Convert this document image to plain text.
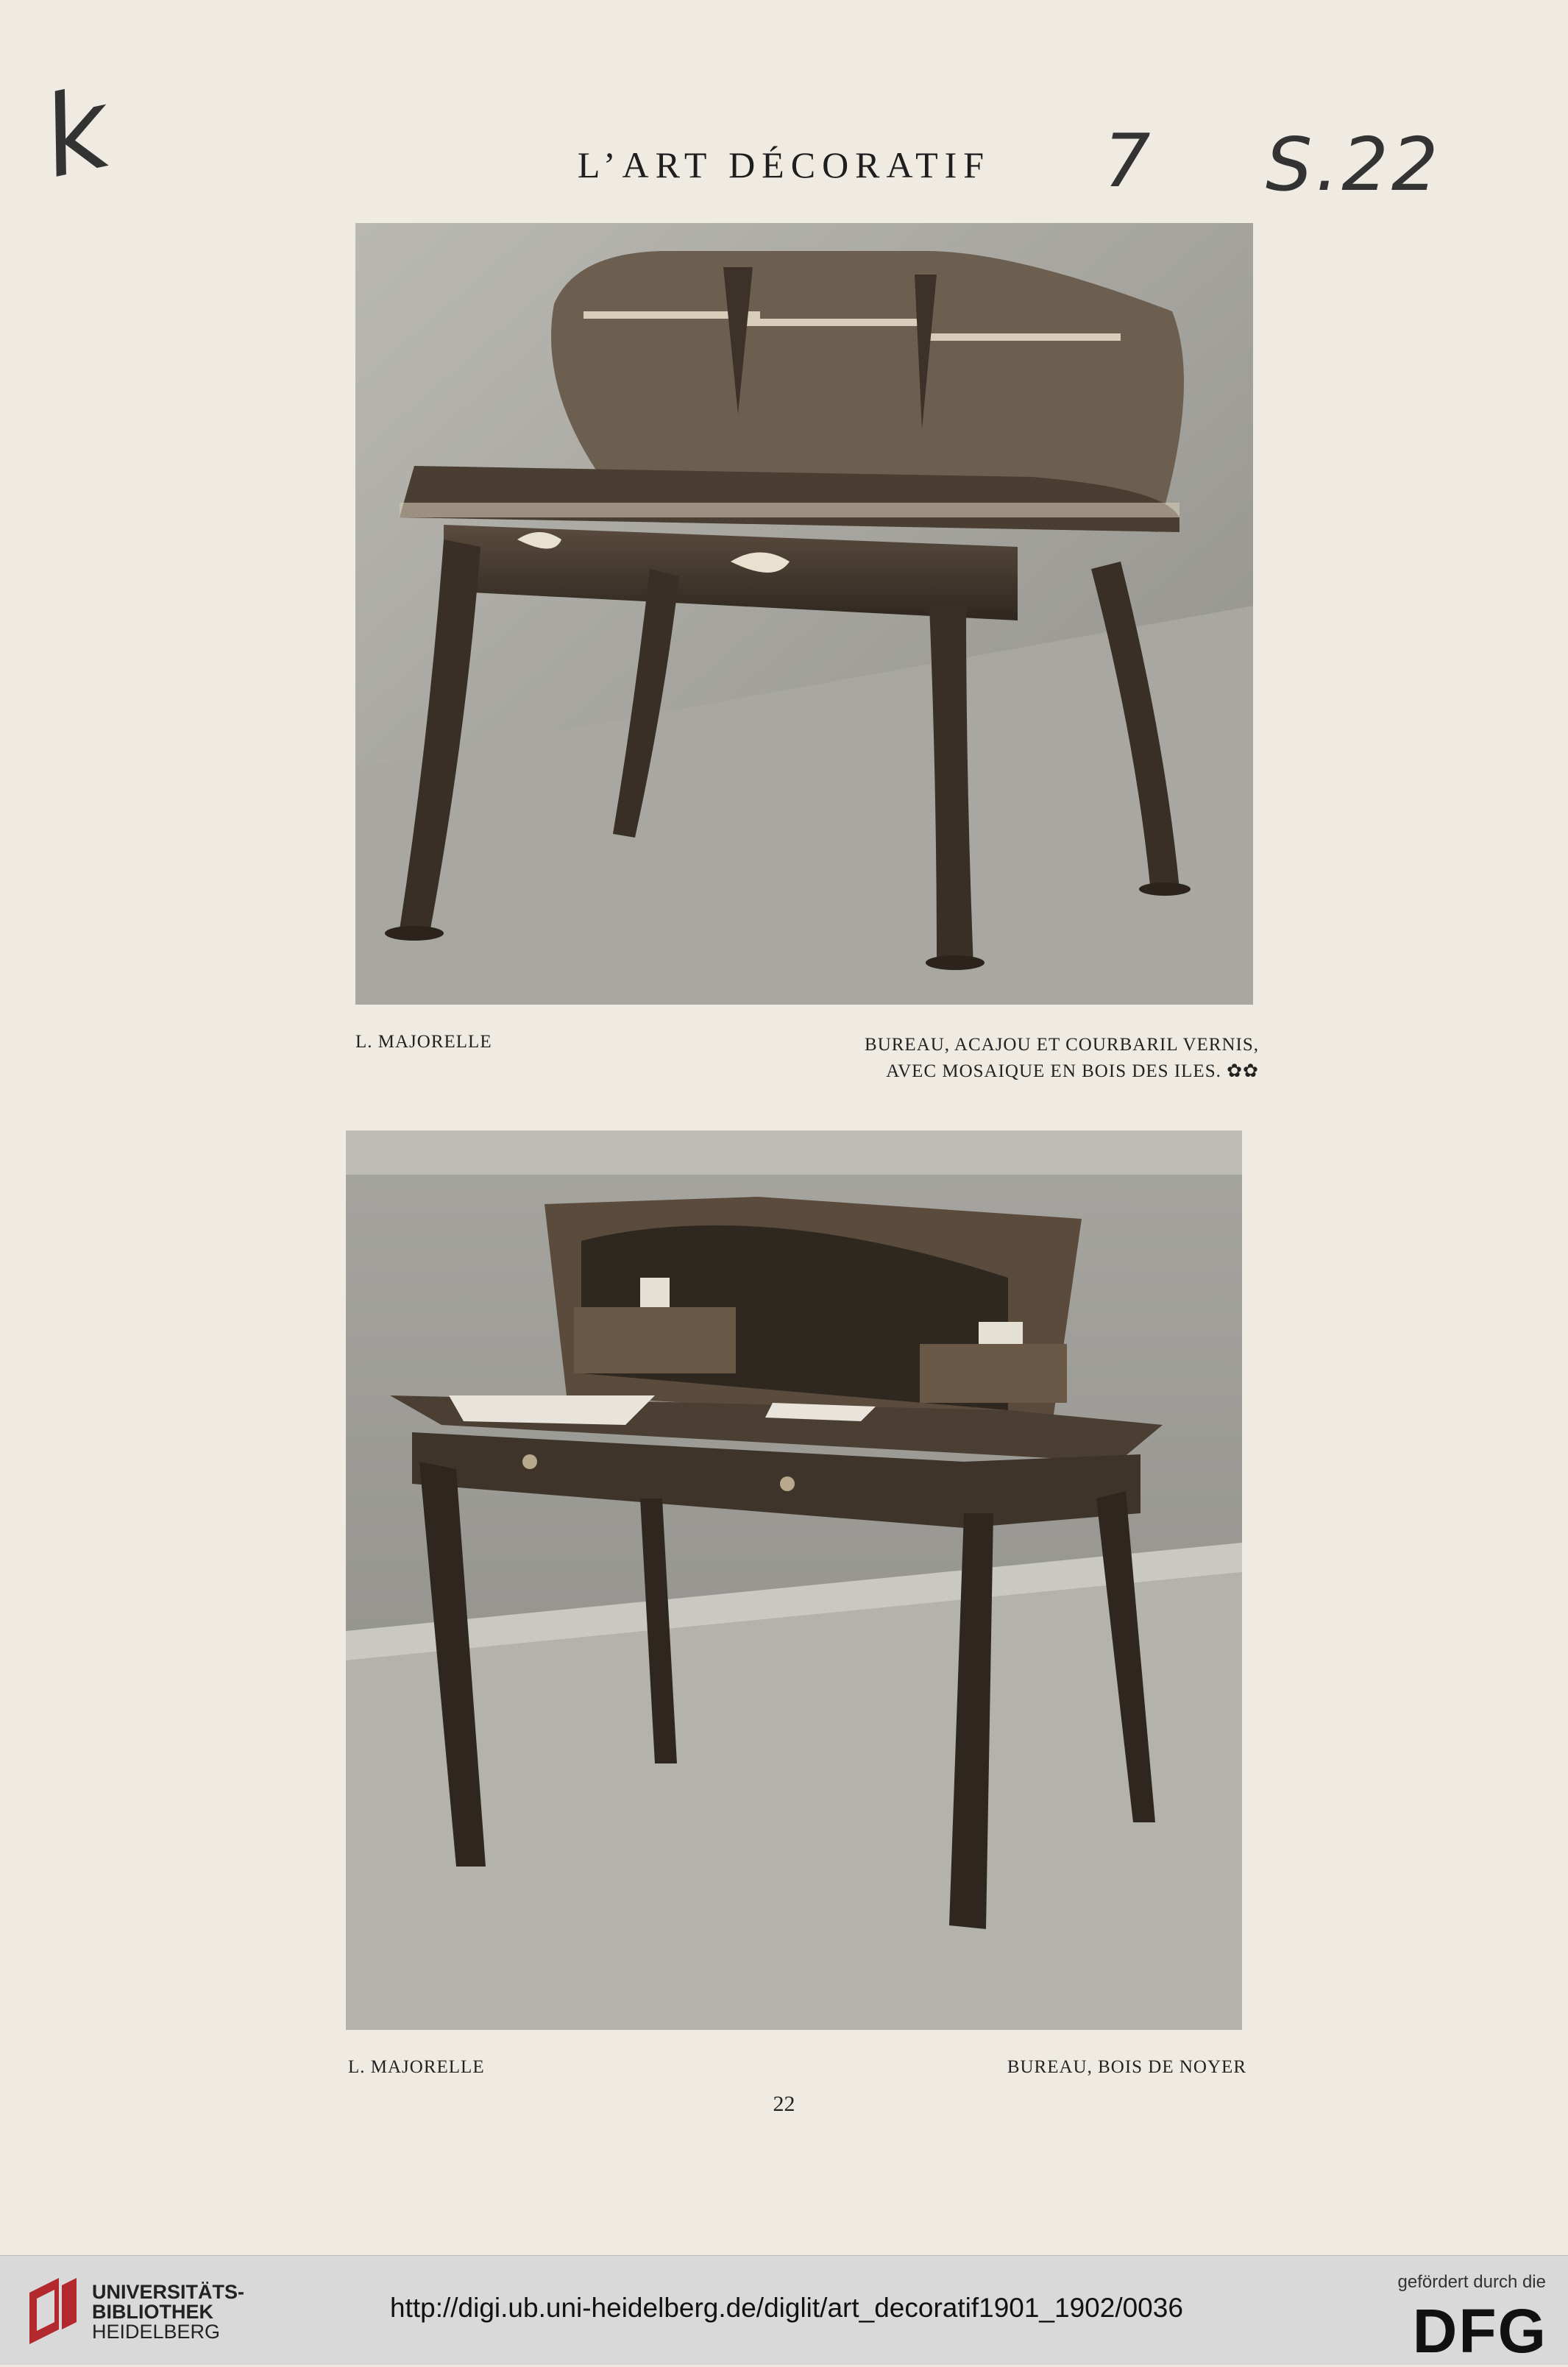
k	7 S.22
L’ART DÉCORATIF
L. MAJORELLE	BUREAU, ACAJOU ET COURBARIL VERNIS,
AVEC MOSAIQUE EN BOIS DES ILES. ✿✿
L. MAJORELLE	BUREAU, BOIS DE NOYER
22
UNIVERSITÄTS-
BIBLIOTHEK
HEIDELBERG
http://digi.ub.uni-heidelberg.de/diglit/art_decoratif1901_1902/0036
gefördert durch die
DFG
